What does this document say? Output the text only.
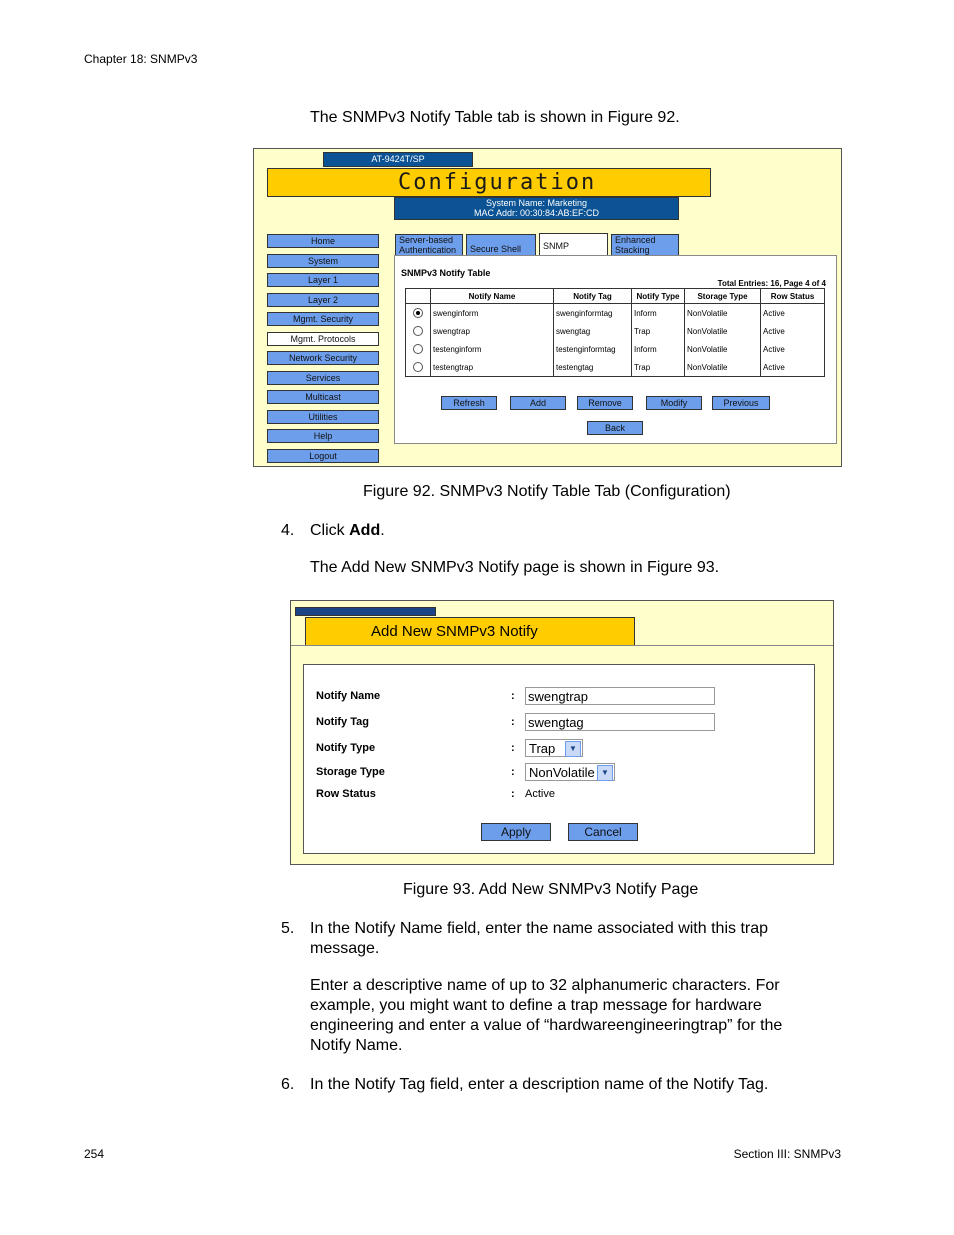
Chapter 18: SNMPv3
The SNMPv3 Notify Table tab is shown in Figure 92.
AT-9424T/SP
Configuration
System Name: Marketing
MAC Addr: 00:30:84:AB:EF:CD
Home
System
Layer 1
Layer 2
Mgmt. Security
Mgmt. Protocols
Network Security
Services
Multicast
Utilities
Help
Logout
Server-based
Authentication	Secure Shell	SNMP
Enhanced
Stacking
SNMPv3 Notify Table
Total Entries: 16, Page 4 of 4
	Notify Name	Notify Tag	Notify Type	Storage Type	Row Status
	swenginform	swenginformtag	Inform	NonVolatile	Active
	swengtrap	swengtag	Trap	NonVolatile	Active
	testenginform	testenginformtag	Inform	NonVolatile	Active
	testengtrap	testengtag	Trap	NonVolatile	Active
Refresh	Add	Remove	Modify	Previous
Back
Figure 92. SNMPv3 Notify Table Tab (Configuration)
4. Click Add.
The Add New SNMPv3 Notify page is shown in Figure 93.
Add New SNMPv3 Notify
Notify Name	: swengtrap
Notify Tag	: swengtag
Notify Type	:	Trap	▼
Storage Type	:	NonVolatile ▼
Row Status	: Active
Apply	Cancel
Figure 93. Add New SNMPv3 Notify Page
5. In the Notify Name field, enter the name associated with this trap
message.
Enter a descriptive name of up to 32 alphanumeric characters. For
example, you might want to define a trap message for hardware
engineering and enter a value of “hardwareengineeringtrap” for the
Notify Name.
6. In the Notify Tag field, enter a description name of the Notify Tag.
254	Section III: SNMPv3
